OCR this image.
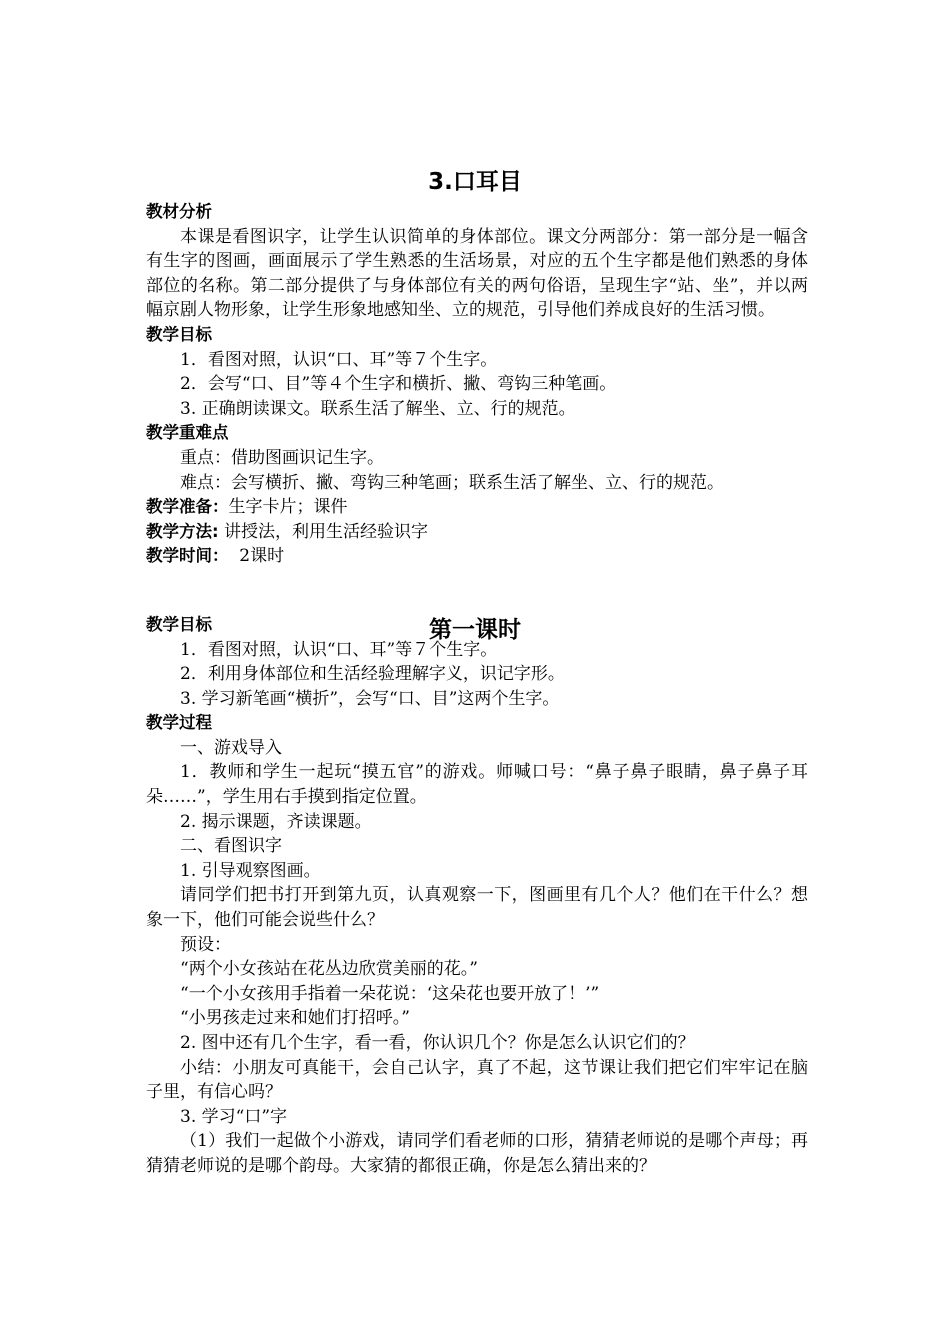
3.口耳目

教材分析

本课是看图识字，让学生认识简单的身体部位。课文分两部分：第一部分是一幅含有生字的图画，画面展示了学生熟悉的生活场景，对应的五个生字都是他们熟悉的身体部位的名称。第二部分提供了与身体部位有关的两句俗语，呈现生字“站、坐”，并以两幅京剧人物形象，让学生形象地感知坐、立的规范，引导他们养成良好的生活习惯。

教学目标

1．看图对照，认识“口、耳”等７个生字。

2．会写“口、目”等４个生字和横折、撇、弯钩三种笔画。

3. 正确朗读课文。联系生活了解坐、立、行的规范。

教学重难点

重点：借助图画识记生字。

难点：会写横折、撇、弯钩三种笔画；联系生活了解坐、立、行的规范。

教学准备：生字卡片；课件

教学方法: 讲授法，利用生活经验识字

教学时间：  2课时

教学目标

1．看图对照，认识“口、耳”等７个生字。

2．利用身体部位和生活经验理解字义，识记字形。

3. 学习新笔画“横折”，会写“口、目”这两个生字。

教学过程

一、游戏导入

1．教师和学生一起玩“摸五官”的游戏。师喊口号：“鼻子鼻子眼睛，鼻子鼻子耳朵……”，学生用右手摸到指定位置。

2. 揭示课题，齐读课题。

二、看图识字

1. 引导观察图画。

请同学们把书打开到第九页，认真观察一下，图画里有几个人？他们在干什么？想象一下，他们可能会说些什么？

预设：

“两个小女孩站在花丛边欣赏美丽的花。”

“一个小女孩用手指着一朵花说：‘这朵花也要开放了！’”

“小男孩走过来和她们打招呼。”

2. 图中还有几个生字，看一看，你认识几个？你是怎么认识它们的？

小结：小朋友可真能干，会自己认字，真了不起，这节课让我们把它们牢牢记在脑子里，有信心吗？

3. 学习“口”字

（1）我们一起做个小游戏，请同学们看老师的口形，猜猜老师说的是哪个声母；再猜猜老师说的是哪个韵母。大家猜的都很正确，你是怎么猜出来的？

第一课时
